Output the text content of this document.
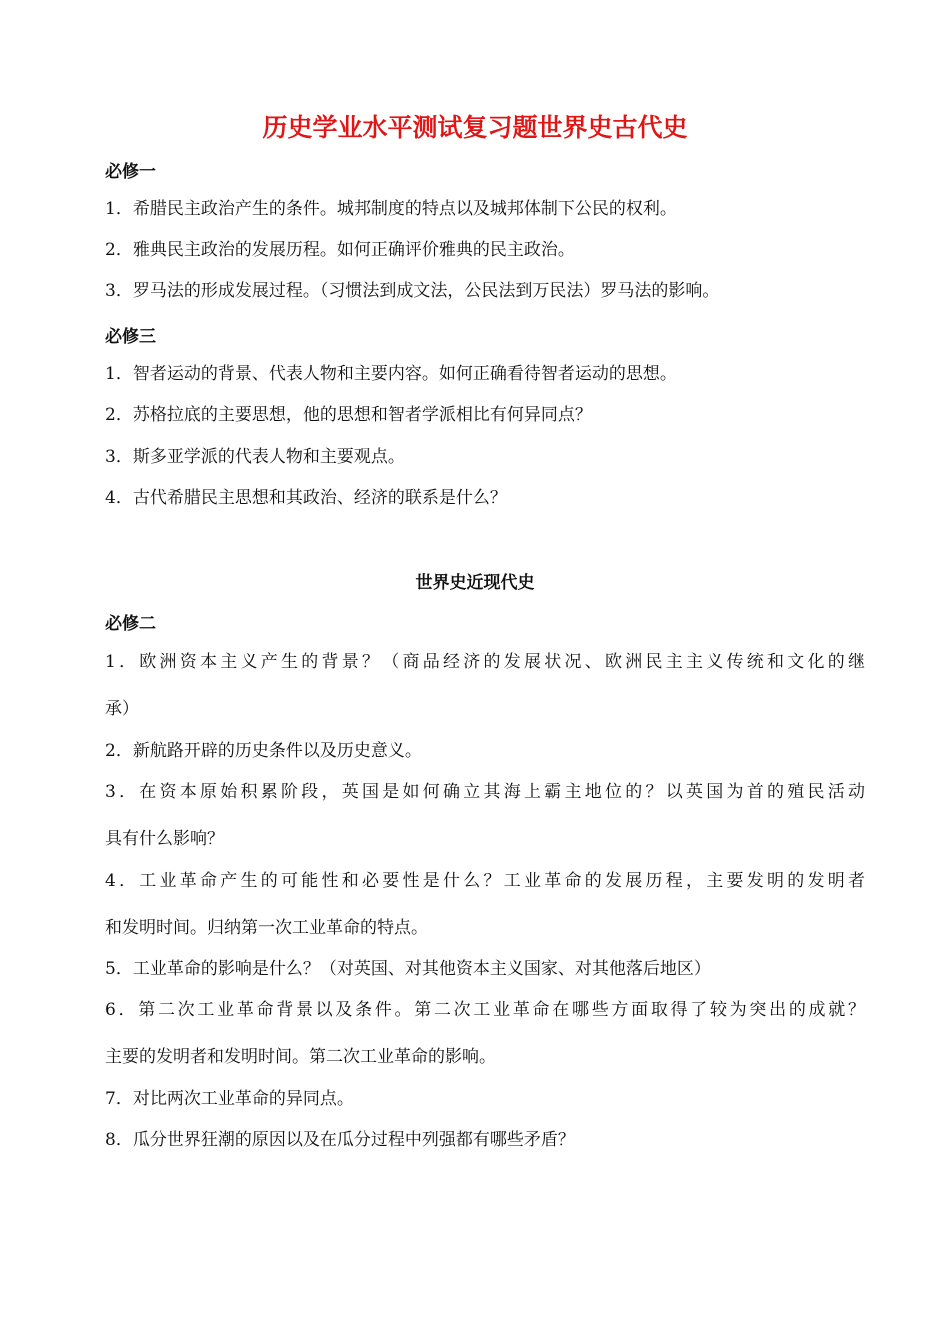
历史学业水平测试复习题世界史古代史
必修一
1．希腊民主政治产生的条件。城邦制度的特点以及城邦体制下公民的权利。
2．雅典民主政治的发展历程。如何正确评价雅典的民主政治。
3．罗马法的形成发展过程。（习惯法到成文法，公民法到万民法）罗马法的影响。
必修三
1．智者运动的背景、代表人物和主要内容。如何正确看待智者运动的思想。
2．苏格拉底的主要思想，他的思想和智者学派相比有何异同点？
3．斯多亚学派的代表人物和主要观点。
4．古代希腊民主思想和其政治、经济的联系是什么？
世界史近现代史
必修二
1．欧洲资本主义产生的背景？（商品经济的发展状况、欧洲民主主义传统和文化的继
承）
2．新航路开辟的历史条件以及历史意义。
3．在资本原始积累阶段，英国是如何确立其海上霸主地位的？以英国为首的殖民活动
具有什么影响？
4．工业革命产生的可能性和必要性是什么？工业革命的发展历程，主要发明的发明者
和发明时间。归纳第一次工业革命的特点。
5．工业革命的影响是什么？（对英国、对其他资本主义国家、对其他落后地区）
6．第二次工业革命背景以及条件。第二次工业革命在哪些方面取得了较为突出的成就？
主要的发明者和发明时间。第二次工业革命的影响。
7．对比两次工业革命的异同点。
8．瓜分世界狂潮的原因以及在瓜分过程中列强都有哪些矛盾？
